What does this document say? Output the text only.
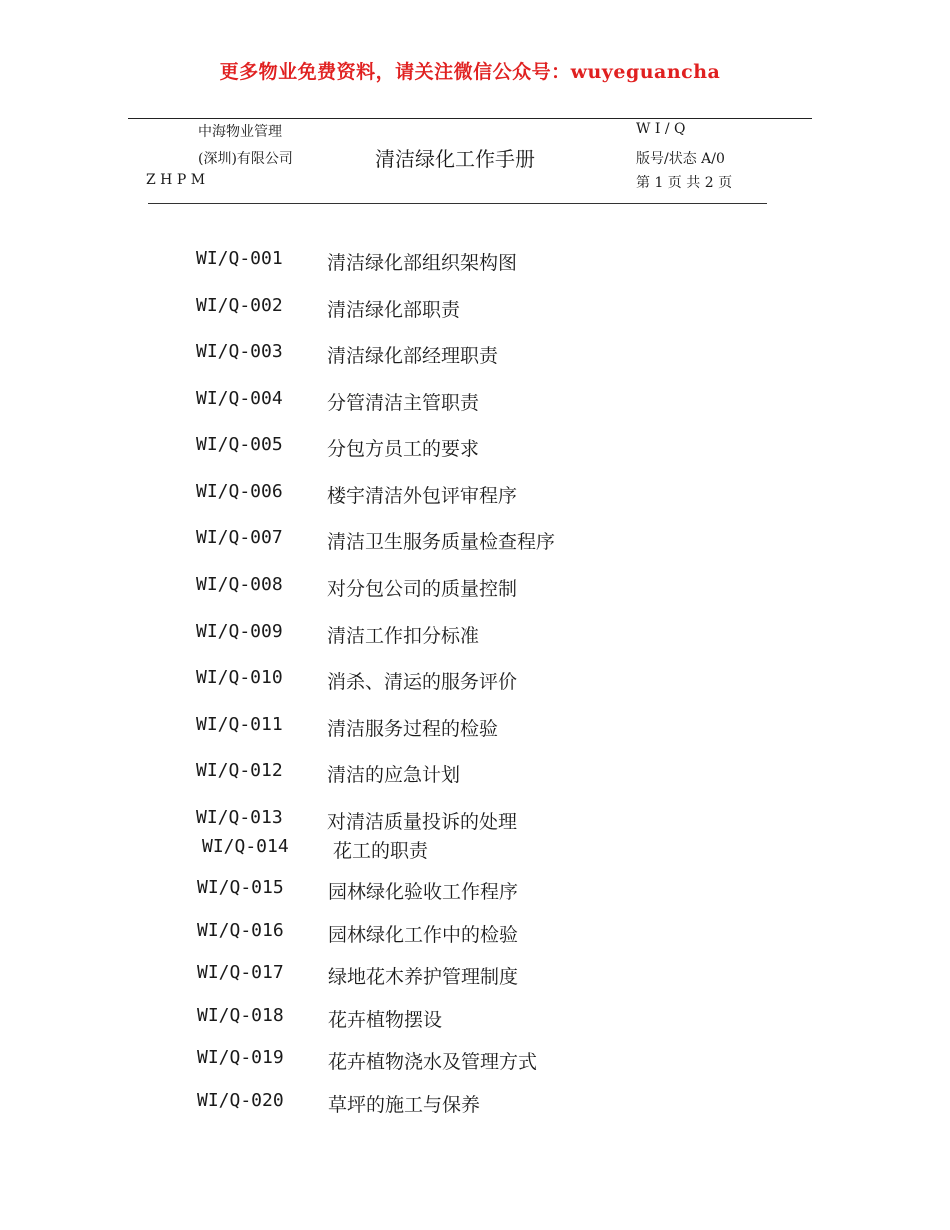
更多物业免费资料，请关注微信公众号：wuyeguancha
中海物业管理
(深圳)有限公司
Z H P M
清洁绿化工作手册
W I / Q
版号/状态 A/0
第 1 页 共 2 页
WI/Q-001 清洁绿化部组织架构图
WI/Q-002 清洁绿化部职责
WI/Q-003 清洁绿化部经理职责
WI/Q-004 分管清洁主管职责
WI/Q-005 分包方员工的要求
WI/Q-006 楼宇清洁外包评审程序
WI/Q-007 清洁卫生服务质量检查程序
WI/Q-008 对分包公司的质量控制
WI/Q-009 清洁工作扣分标准
WI/Q-010 消杀、清运的服务评价
WI/Q-011 清洁服务过程的检验
WI/Q-012 清洁的应急计划
WI/Q-013 对清洁质量投诉的处理
WI/Q-014 花工的职责
WI/Q-015 园林绿化验收工作程序
WI/Q-016 园林绿化工作中的检验
WI/Q-017 绿地花木养护管理制度
WI/Q-018 花卉植物摆设
WI/Q-019 花卉植物浇水及管理方式
WI/Q-020 草坪的施工与保养
